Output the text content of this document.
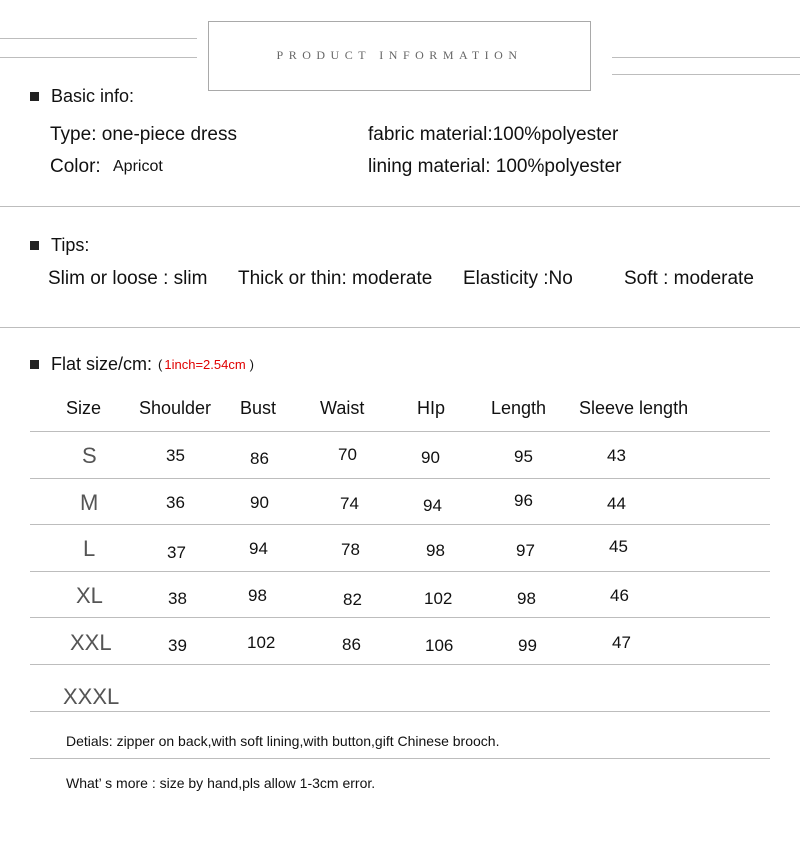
PRODUCT INFORMATION
Basic info:
Type: one-piece dress
Color: Apricot
fabric material:100%polyester
lining material: 100%polyester
Tips:
Slim or loose : slim Thick or thin: moderate Elasticity :No	Soft : moderate
Flat size/cm: ( 1inch=2.54cm )
Size Shoulder Bust Waist	HIp	Length Sleeve length
S	35	86	70	90	95	43
M	36	90	74	94	96	44
L	37	94	78	98	97	45
XL	38	98	82	102	98	46
XXL	39	102	86	106	99	47
XXXL
Detials: zipper on back,with soft lining,with button,gift Chinese brooch.
What’ s more : size by hand,pls allow 1-3cm error.
